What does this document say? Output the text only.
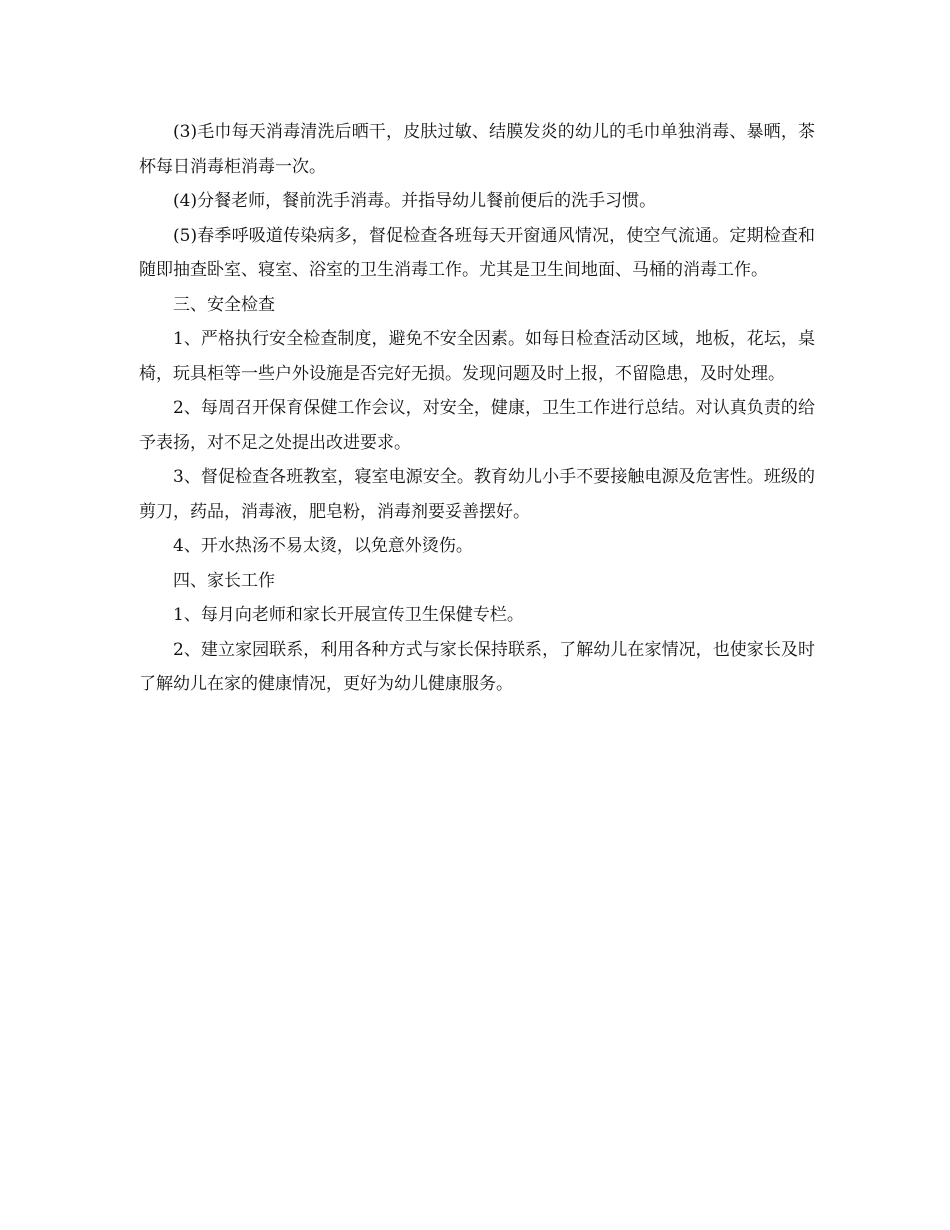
(3)毛巾每天消毒清洗后晒干，皮肤过敏、结膜发炎的幼儿的毛巾单独消毒、暴晒，茶杯每日消毒柜消毒一次。

(4)分餐老师，餐前洗手消毒。并指导幼儿餐前便后的洗手习惯。

(5)春季呼吸道传染病多，督促检查各班每天开窗通风情况，使空气流通。定期检查和随即抽查卧室、寝室、浴室的卫生消毒工作。尤其是卫生间地面、马桶的消毒工作。

三、安全检查

1、严格执行安全检查制度，避免不安全因素。如每日检查活动区域，地板，花坛，桌椅，玩具柜等一些户外设施是否完好无损。发现问题及时上报，不留隐患，及时处理。

2、每周召开保育保健工作会议，对安全，健康，卫生工作进行总结。对认真负责的给予表扬，对不足之处提出改进要求。

3、督促检查各班教室，寝室电源安全。教育幼儿小手不要接触电源及危害性。班级的剪刀，药品，消毒液，肥皂粉，消毒剂要妥善摆好。

4、开水热汤不易太烫，以免意外烫伤。

四、家长工作

1、每月向老师和家长开展宣传卫生保健专栏。

2、建立家园联系，利用各种方式与家长保持联系，了解幼儿在家情况，也使家长及时了解幼儿在家的健康情况，更好为幼儿健康服务。
